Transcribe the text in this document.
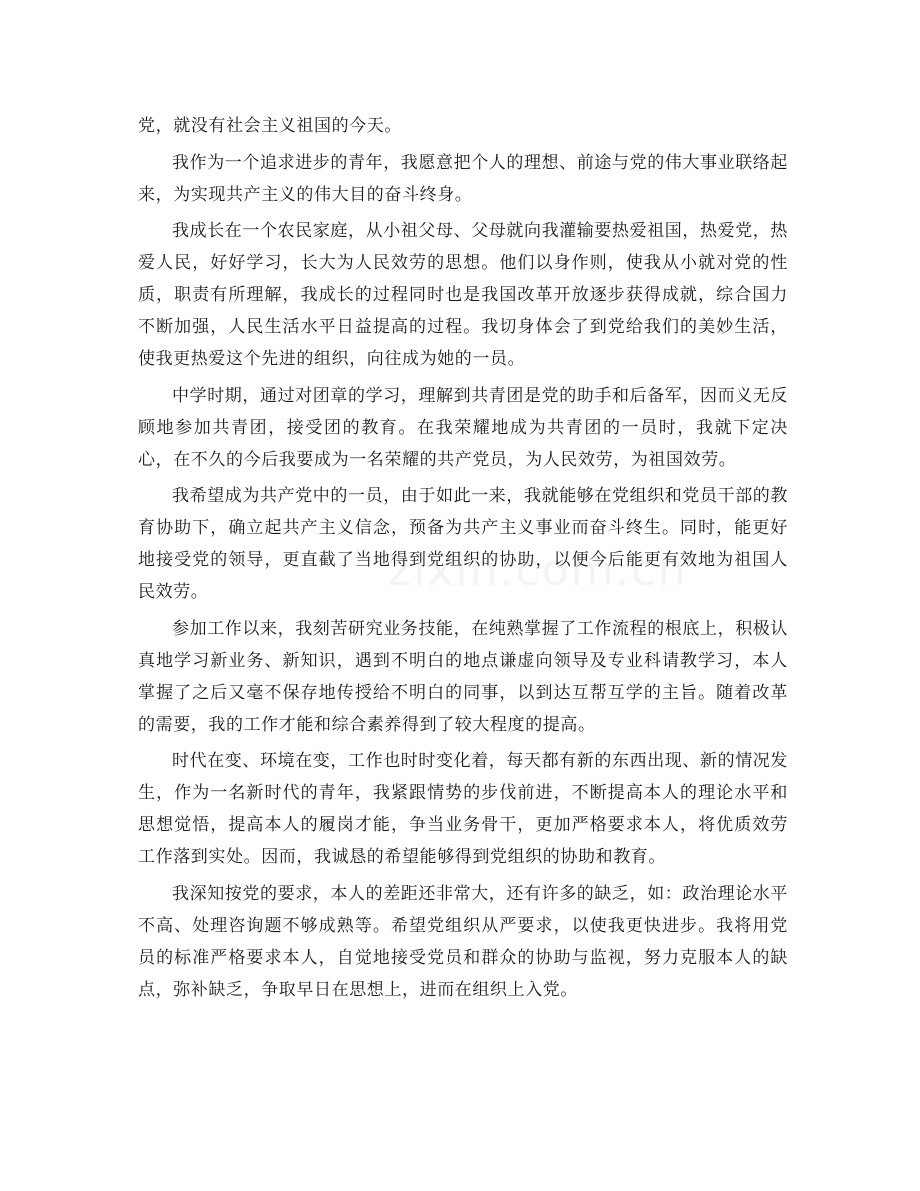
党，就没有社会主义祖国的今天。

我作为一个追求进步的青年，我愿意把个人的理想、前途与党的伟大事业联络起来，为实现共产主义的伟大目的奋斗终身。

我成长在一个农民家庭，从小祖父母、父母就向我灌输要热爱祖国，热爱党，热爱人民，好好学习，长大为人民效劳的思想。他们以身作则，使我从小就对党的性质，职责有所理解，我成长的过程同时也是我国改革开放逐步获得成就，综合国力不断加强，人民生活水平日益提高的过程。我切身体会了到党给我们的美妙生活，使我更热爱这个先进的组织，向往成为她的一员。

中学时期，通过对团章的学习，理解到共青团是党的助手和后备军，因而义无反顾地参加共青团，接受团的教育。在我荣耀地成为共青团的一员时，我就下定决心，在不久的今后我要成为一名荣耀的共产党员，为人民效劳，为祖国效劳。

我希望成为共产党中的一员，由于如此一来，我就能够在党组织和党员干部的教育协助下，确立起共产主义信念，预备为共产主义事业而奋斗终生。同时，能更好地接受党的领导，更直截了当地得到党组织的协助，以便今后能更有效地为祖国人民效劳。

参加工作以来，我刻苦研究业务技能，在纯熟掌握了工作流程的根底上，积极认真地学习新业务、新知识，遇到不明白的地点谦虚向领导及专业科请教学习，本人掌握了之后又毫不保存地传授给不明白的同事，以到达互帮互学的主旨。随着改革的需要，我的工作才能和综合素养得到了较大程度的提高。

时代在变、环境在变，工作也时时变化着，每天都有新的东西出现、新的情况发生，作为一名新时代的青年，我紧跟情势的步伐前进，不断提高本人的理论水平和思想觉悟，提高本人的履岗才能，争当业务骨干，更加严格要求本人，将优质效劳工作落到实处。因而，我诚恳的希望能够得到党组织的协助和教育。

我深知按党的要求，本人的差距还非常大，还有许多的缺乏，如：政治理论水平不高、处理咨询题不够成熟等。希望党组织从严要求，以使我更快进步。我将用党员的标准严格要求本人，自觉地接受党员和群众的协助与监视，努力克服本人的缺点，弥补缺乏，争取早日在思想上，进而在组织上入党。
